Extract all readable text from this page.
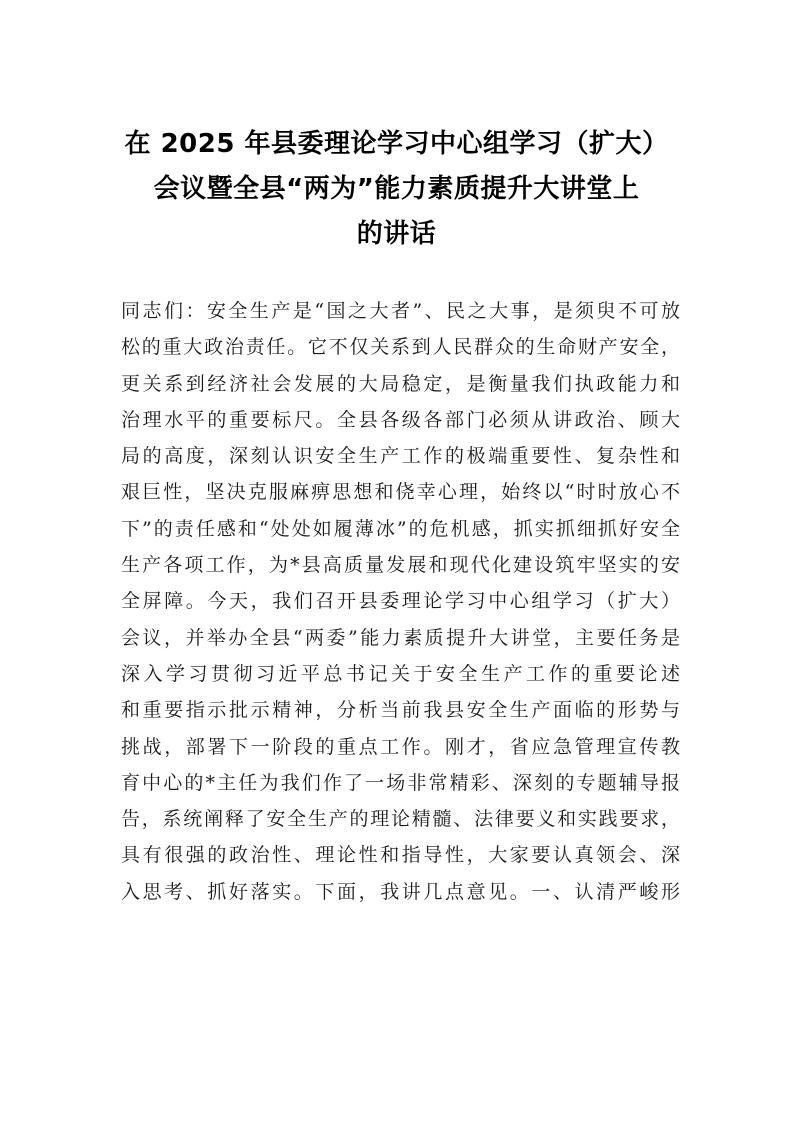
在 2025 年县委理论学习中心组学习（扩大）
会议暨全县“两为”能力素质提升大讲堂上
的讲话
同志们：安全生产是“国之大者”、民之大事，是须臾不可放
松的重大政治责任。它不仅关系到人民群众的生命财产安全，
更关系到经济社会发展的大局稳定，是衡量我们执政能力和
治理水平的重要标尺。全县各级各部门必须从讲政治、顾大
局的高度，深刻认识安全生产工作的极端重要性、复杂性和
艰巨性，坚决克服麻痹思想和侥幸心理，始终以“时时放心不
下”的责任感和“处处如履薄冰”的危机感，抓实抓细抓好安全
生产各项工作，为*县高质量发展和现代化建设筑牢坚实的安
全屏障。今天，我们召开县委理论学习中心组学习（扩大）
会议，并举办全县“两委”能力素质提升大讲堂，主要任务是
深入学习贯彻习近平总书记关于安全生产工作的重要论述
和重要指示批示精神，分析当前我县安全生产面临的形势与
挑战，部署下一阶段的重点工作。刚才，省应急管理宣传教
育中心的*主任为我们作了一场非常精彩、深刻的专题辅导报
告，系统阐释了安全生产的理论精髓、法律要义和实践要求，
具有很强的政治性、理论性和指导性，大家要认真领会、深
入思考、抓好落实。下面，我讲几点意见。一、认清严峻形
